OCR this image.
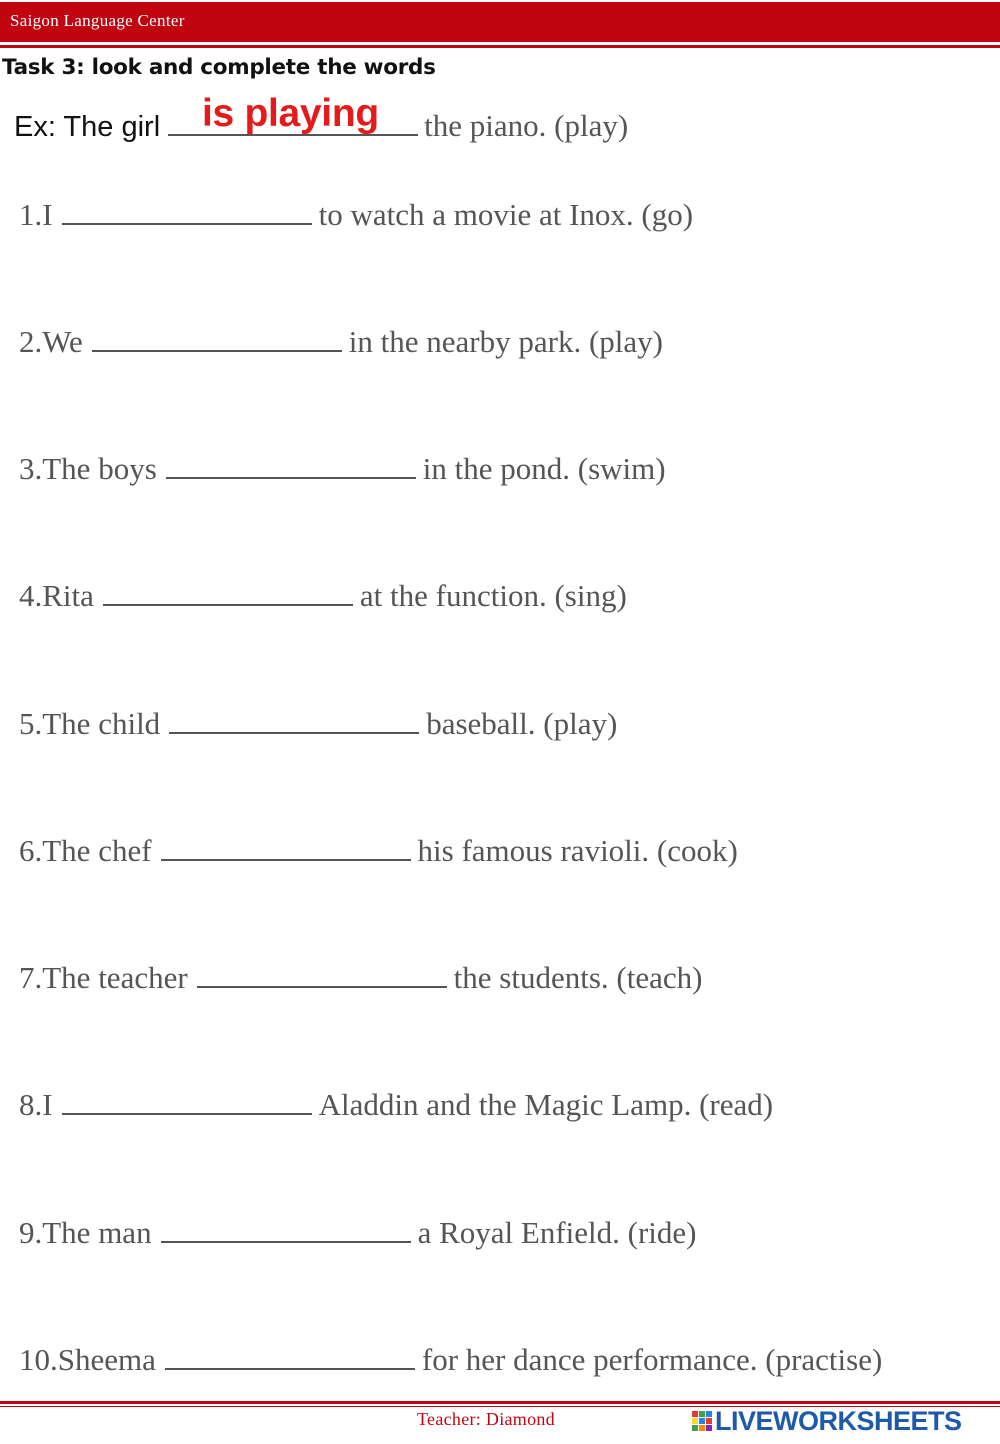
Saigon Language Center
Task 3: look and complete the words
Ex: The girl	the piano. (play)
is playing
1.I	to watch a movie at Inox. (go)
2.We	in the nearby park. (play)
3.The boys	in the pond. (swim)
4.Rita	at the function. (sing)
5.The child	baseball. (play)
6.The chef	his famous ravioli. (cook)
7.The teacher	the students. (teach)
8.I	Aladdin and the Magic Lamp. (read)
9.The man	a Royal Enfield. (ride)
10.Sheema	for her dance performance. (practise)
Teacher: Diamond	LIVEWORKSHEETS
